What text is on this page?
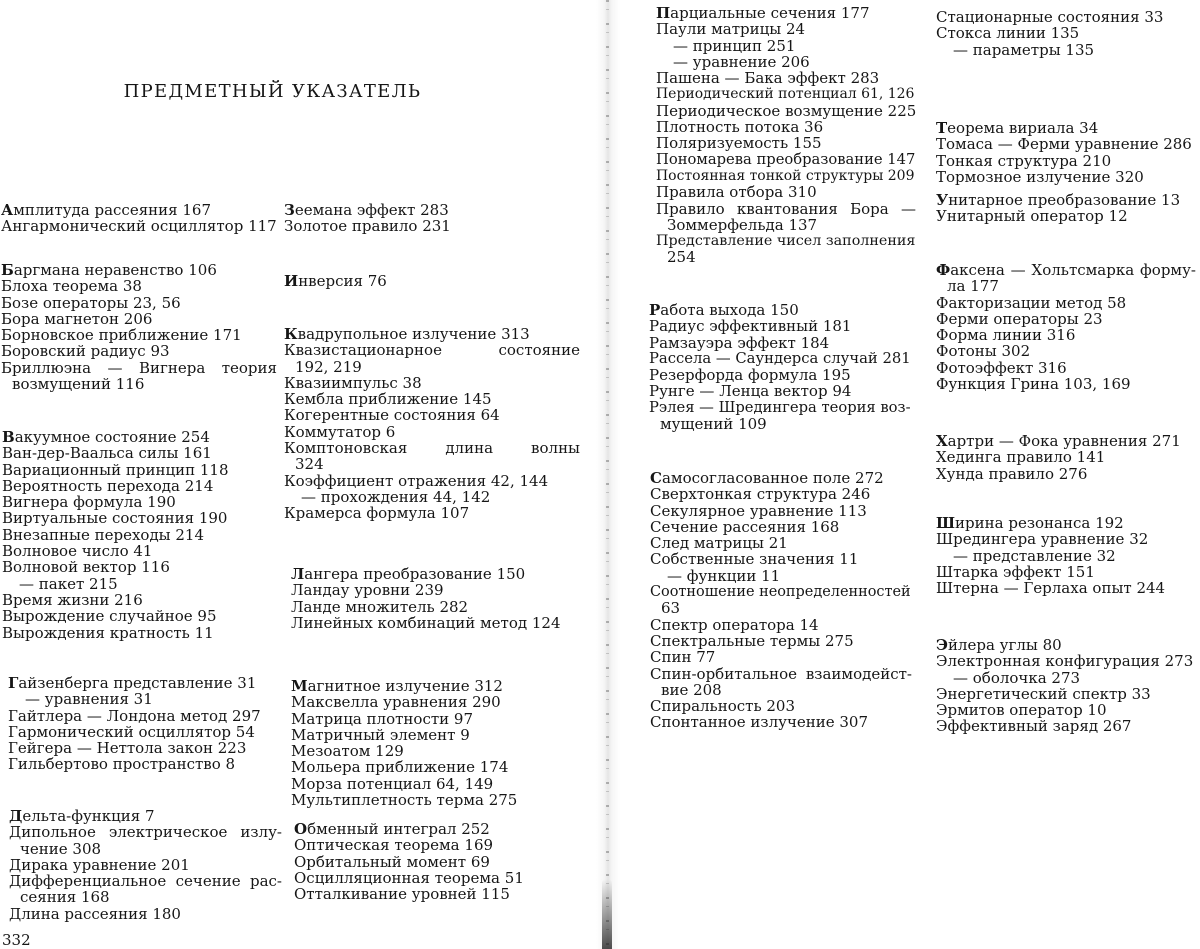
ПРЕДМЕТНЫЙ УКАЗАТЕЛЬ
Амплитуда рассеяния 167
Ангармонический осциллятор 117
Баргмана неравенство 106
Блоха теорема 38
Бозе операторы 23, 56
Бора магнетон 206
Борновское приближение 171
Боровский радиус 93
Бриллюэна — Вигнера теория
возмущений 116
Вакуумное состояние 254
Ван-дер-Ваальса силы 161
Вариационный принцип 118
Вероятность перехода 214
Вигнера формула 190
Виртуальные состояния 190
Внезапные переходы 214
Волновое число 41
Волновой вектор 116
— пакет 215
Время жизни 216
Вырождение случайное 95
Вырождения кратность 11
Гайзенберга представление 31
— уравнения 31
Гайтлера — Лондона метод 297
Гармонический осциллятор 54
Гейгера — Неттола закон 223
Гильбертово пространство 8
Дельта-функция 7
Дипольное электрическое излу-
чение 308
Дирака уравнение 201
Дифференциальное сечение рас-
сеяния 168
Длина рассеяния 180
Зеемана эффект 283
Золотое правило 231
Инверсия 76
Квадрупольное излучение 313
Квазистационарное состояние
192, 219
Квазиимпульс 38
Кембла приближение 145
Когерентные состояния 64
Коммутатор 6
Комптоновская длина волны
324
Коэффициент отражения 42, 144
— прохождения 44, 142
Крамерса формула 107
Лангера преобразование 150
Ландау уровни 239
Ланде множитель 282
Линейных комбинаций метод 124
Магнитное излучение 312
Максвелла уравнения 290
Матрица плотности 97
Матричный элемент 9
Мезоатом 129
Мольера приближение 174
Морза потенциал 64, 149
Мультиплетность терма 275
Обменный интеграл 252
Оптическая теорема 169
Орбитальный момент 69
Осцилляционная теорема 51
Отталкивание уровней 115
332
Парциальные сечения 177
Паули матрицы 24
— принцип 251
— уравнение 206
Пашена — Бака эффект 283
Периодический потенциал 61, 126
Периодическое возмущение 225
Плотность потока 36
Поляризуемость 155
Пономарева преобразование 147
Постоянная тонкой структуры 209
Правила отбора 310
Правило квантования Бора —
Зоммерфельда 137
Представление чисел заполнения
254
Работа выхода 150
Радиус эффективный 181
Рамзауэра эффект 184
Рассела — Саундерса случай 281
Резерфорда формула 195
Рунге — Ленца вектор 94
Рэлея — Шредингера теория воз-
мущений 109
Самосогласованное поле 272
Сверхтонкая структура 246
Секулярное уравнение 113
Сечение рассеяния 168
След матрицы 21
Собственные значения 11
— функции 11
Соотношение неопределенностей
63
Спектр оператора 14
Спектральные термы 275
Спин 77
Спин-орбитальное взаимодейст-
вие 208
Спиральность 203
Спонтанное излучение 307
Стационарные состояния 33
Стокса линии 135
— параметры 135
Теорема вириала 34
Томаса — Ферми уравнение 286
Тонкая структура 210
Тормозное излучение 320
Унитарное преобразование 13
Унитарный оператор 12
Факсена — Хольтсмарка форму-
ла 177
Факторизации метод 58
Ферми операторы 23
Форма линии 316
Фотоны 302
Фотоэффект 316
Функция Грина 103, 169
Хартри — Фока уравнения 271
Хединга правило 141
Хунда правило 276
Ширина резонанса 192
Шредингера уравнение 32
— представление 32
Штарка эффект 151
Штерна — Герлаха опыт 244
Эйлера углы 80
Электронная конфигурация 273
— оболочка 273
Энергетический спектр 33
Эрмитов оператор 10
Эффективный заряд 267
